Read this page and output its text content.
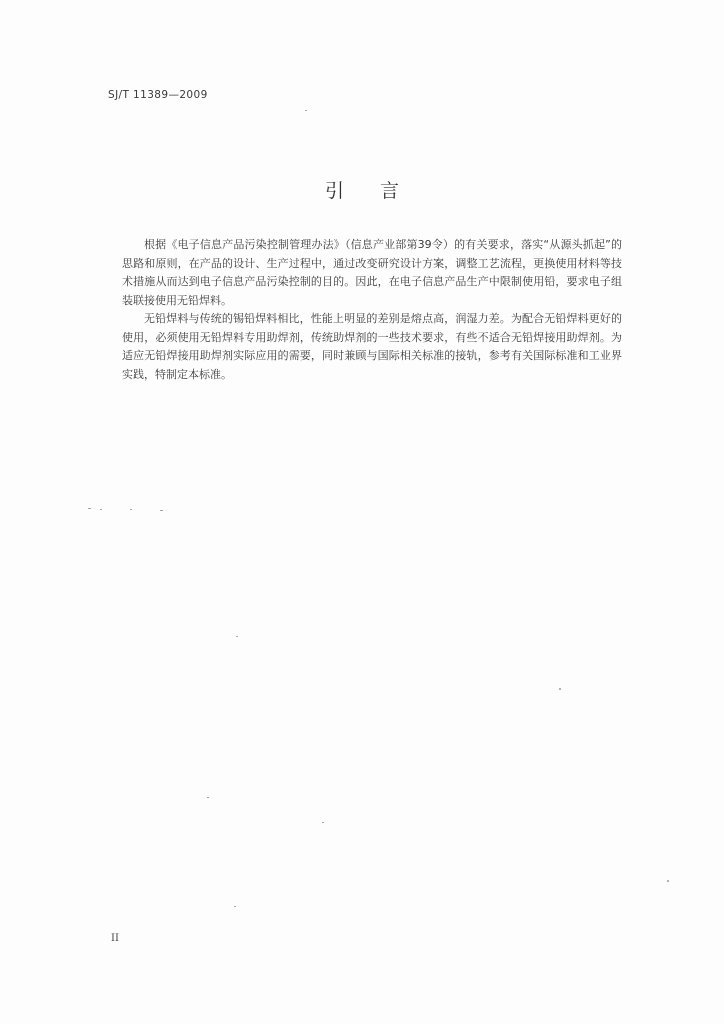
SJ/T 11389—2009
引 言

根据《电子信息产品污染控制管理办法》（信息产业部第39令）的有关要求，落实“从源头抓起”的思路和原则，在产品的设计、生产过程中，通过改变研究设计方案，调整工艺流程，更换使用材料等技术措施从而达到电子信息产品污染控制的目的。因此，在电子信息产品生产中限制使用铅，要求电子组装联接使用无铅焊料。

无铅焊料与传统的锡铅焊料相比，性能上明显的差别是熔点高，润湿力差。为配合无铅焊料更好的使用，必须使用无铅焊料专用助焊剂，传统助焊剂的一些技术要求，有些不适合无铅焊接用助焊剂。为适应无铅焊接用助焊剂实际应用的需要，同时兼顾与国际相关标准的接轨，参考有关国际标准和工业界实践，特制定本标准。

II
